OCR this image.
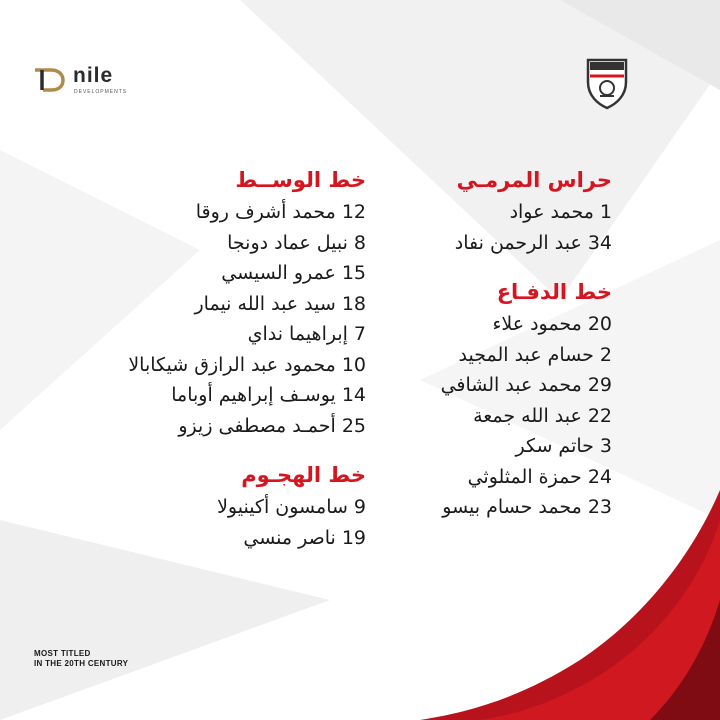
nile
DEVELOPMENTS
حراس المرمـي
1محمد عواد
34عبد الرحمن نفاد
خط الدفـاع
20محمود علاء
2حسام عبد المجيد
29محمد عبد الشافي
22عبد الله جمعة
3حاتم سكر
24حمزة المثلوثي
23محمد حسام بيسو
خط الوســط
12محمد أشرف روقا
8نبيل عماد دونجا
15عمرو السيسي
18سيد عبد الله نيمار
7إبراهيما نداي
10محمود عبد الرازق شيكابالا
14يوسـف إبراهيم أوباما
25أحمـد مصطفى زيزو
خط الهجـوم
9سامسون أكينيولا
19ناصر منسي
MOST TITLED
IN THE 20TH CENTURY
